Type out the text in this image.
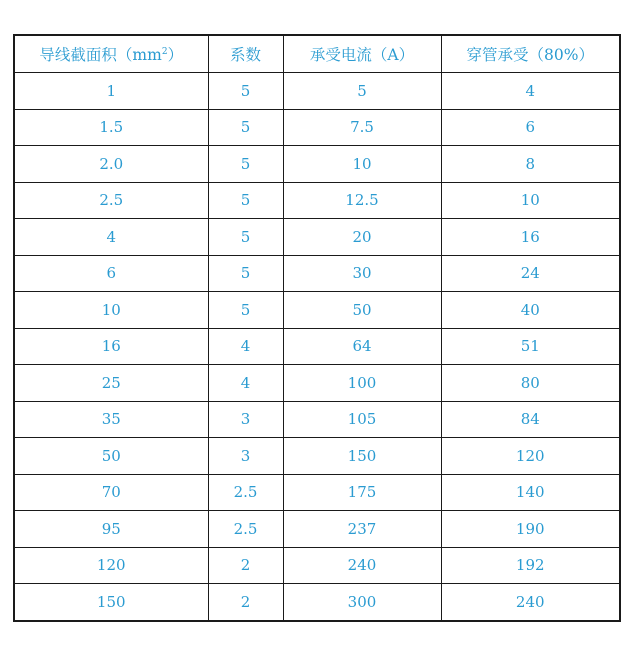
导线截面积$(mm^2)$	系数	承受电流（A）	穿管承受（80%）
1	5	5	4
1.5	5	7.5	6
2.0	5	10	8
2.5	5	12.5	10
4	5	20	16
6	5	30	24
10	5	50	40
16	4	64	51
25	4	100	80
35	3	105	84
50	3	150	120
70	2.5	175	140
95	2.5	237	190
120	2	240	192
150	2	300	240
